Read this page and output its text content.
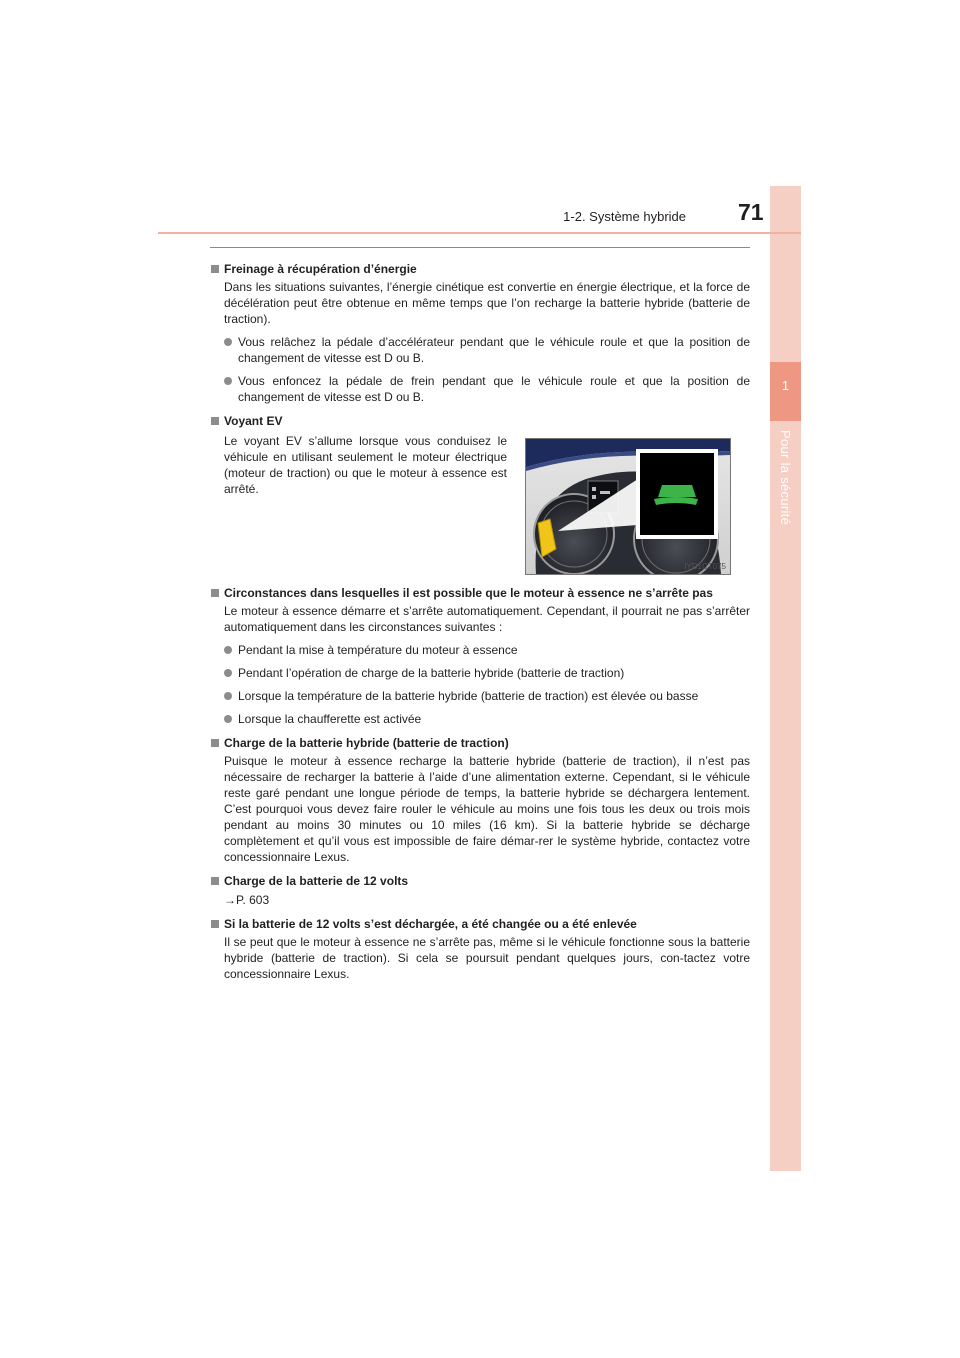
1
Pour la sécurité
1-2. Système hybride 71
Freinage à récupération d’énergie
Dans les situations suivantes, l’énergie cinétique est convertie en énergie électrique, et la force de décélération peut être obtenue en même temps que l’on recharge la batterie hybride (batterie de traction).
Vous relâchez la pédale d’accélérateur pendant que le véhicule roule et que la position de changement de vitesse est D ou B.
Vous enfoncez la pédale de frein pendant que le véhicule roule et que la position de changement de vitesse est D ou B.
Voyant EV
Le voyant EV s’allume lorsque vous conduisez le véhicule en utilisant seulement le moteur électrique (moteur de traction) ou que le moteur à essence est arrêté.
IYD1CT075
Circonstances dans lesquelles il est possible que le moteur à essence ne s’arrête pas
Le moteur à essence démarre et s’arrête automatiquement. Cependant, il pourrait ne pas s’arrêter automatiquement dans les circonstances suivantes :
Pendant la mise à température du moteur à essence
Pendant l’opération de charge de la batterie hybride (batterie de traction)
Lorsque la température de la batterie hybride (batterie de traction) est élevée ou basse
Lorsque la chaufferette est activée
Charge de la batterie hybride (batterie de traction)
Puisque le moteur à essence recharge la batterie hybride (batterie de traction), il n’est pas nécessaire de recharger la batterie à l’aide d’une alimentation externe. Cependant, si le véhicule reste garé pendant une longue période de temps, la batterie hybride se déchargera lentement. C’est pourquoi vous devez faire rouler le véhicule au moins une fois tous les deux ou trois mois pendant au moins 30 minutes ou 10 miles (16 km). Si la batterie hybride se décharge complètement et qu’il vous est impossible de faire démar-rer le système hybride, contactez votre concessionnaire Lexus.
Charge de la batterie de 12 volts
→P. 603
Si la batterie de 12 volts s’est déchargée, a été changée ou a été enlevée
Il se peut que le moteur à essence ne s’arrête pas, même si le véhicule fonctionne sous la batterie hybride (batterie de traction). Si cela se poursuit pendant quelques jours, con-tactez votre concessionnaire Lexus.
